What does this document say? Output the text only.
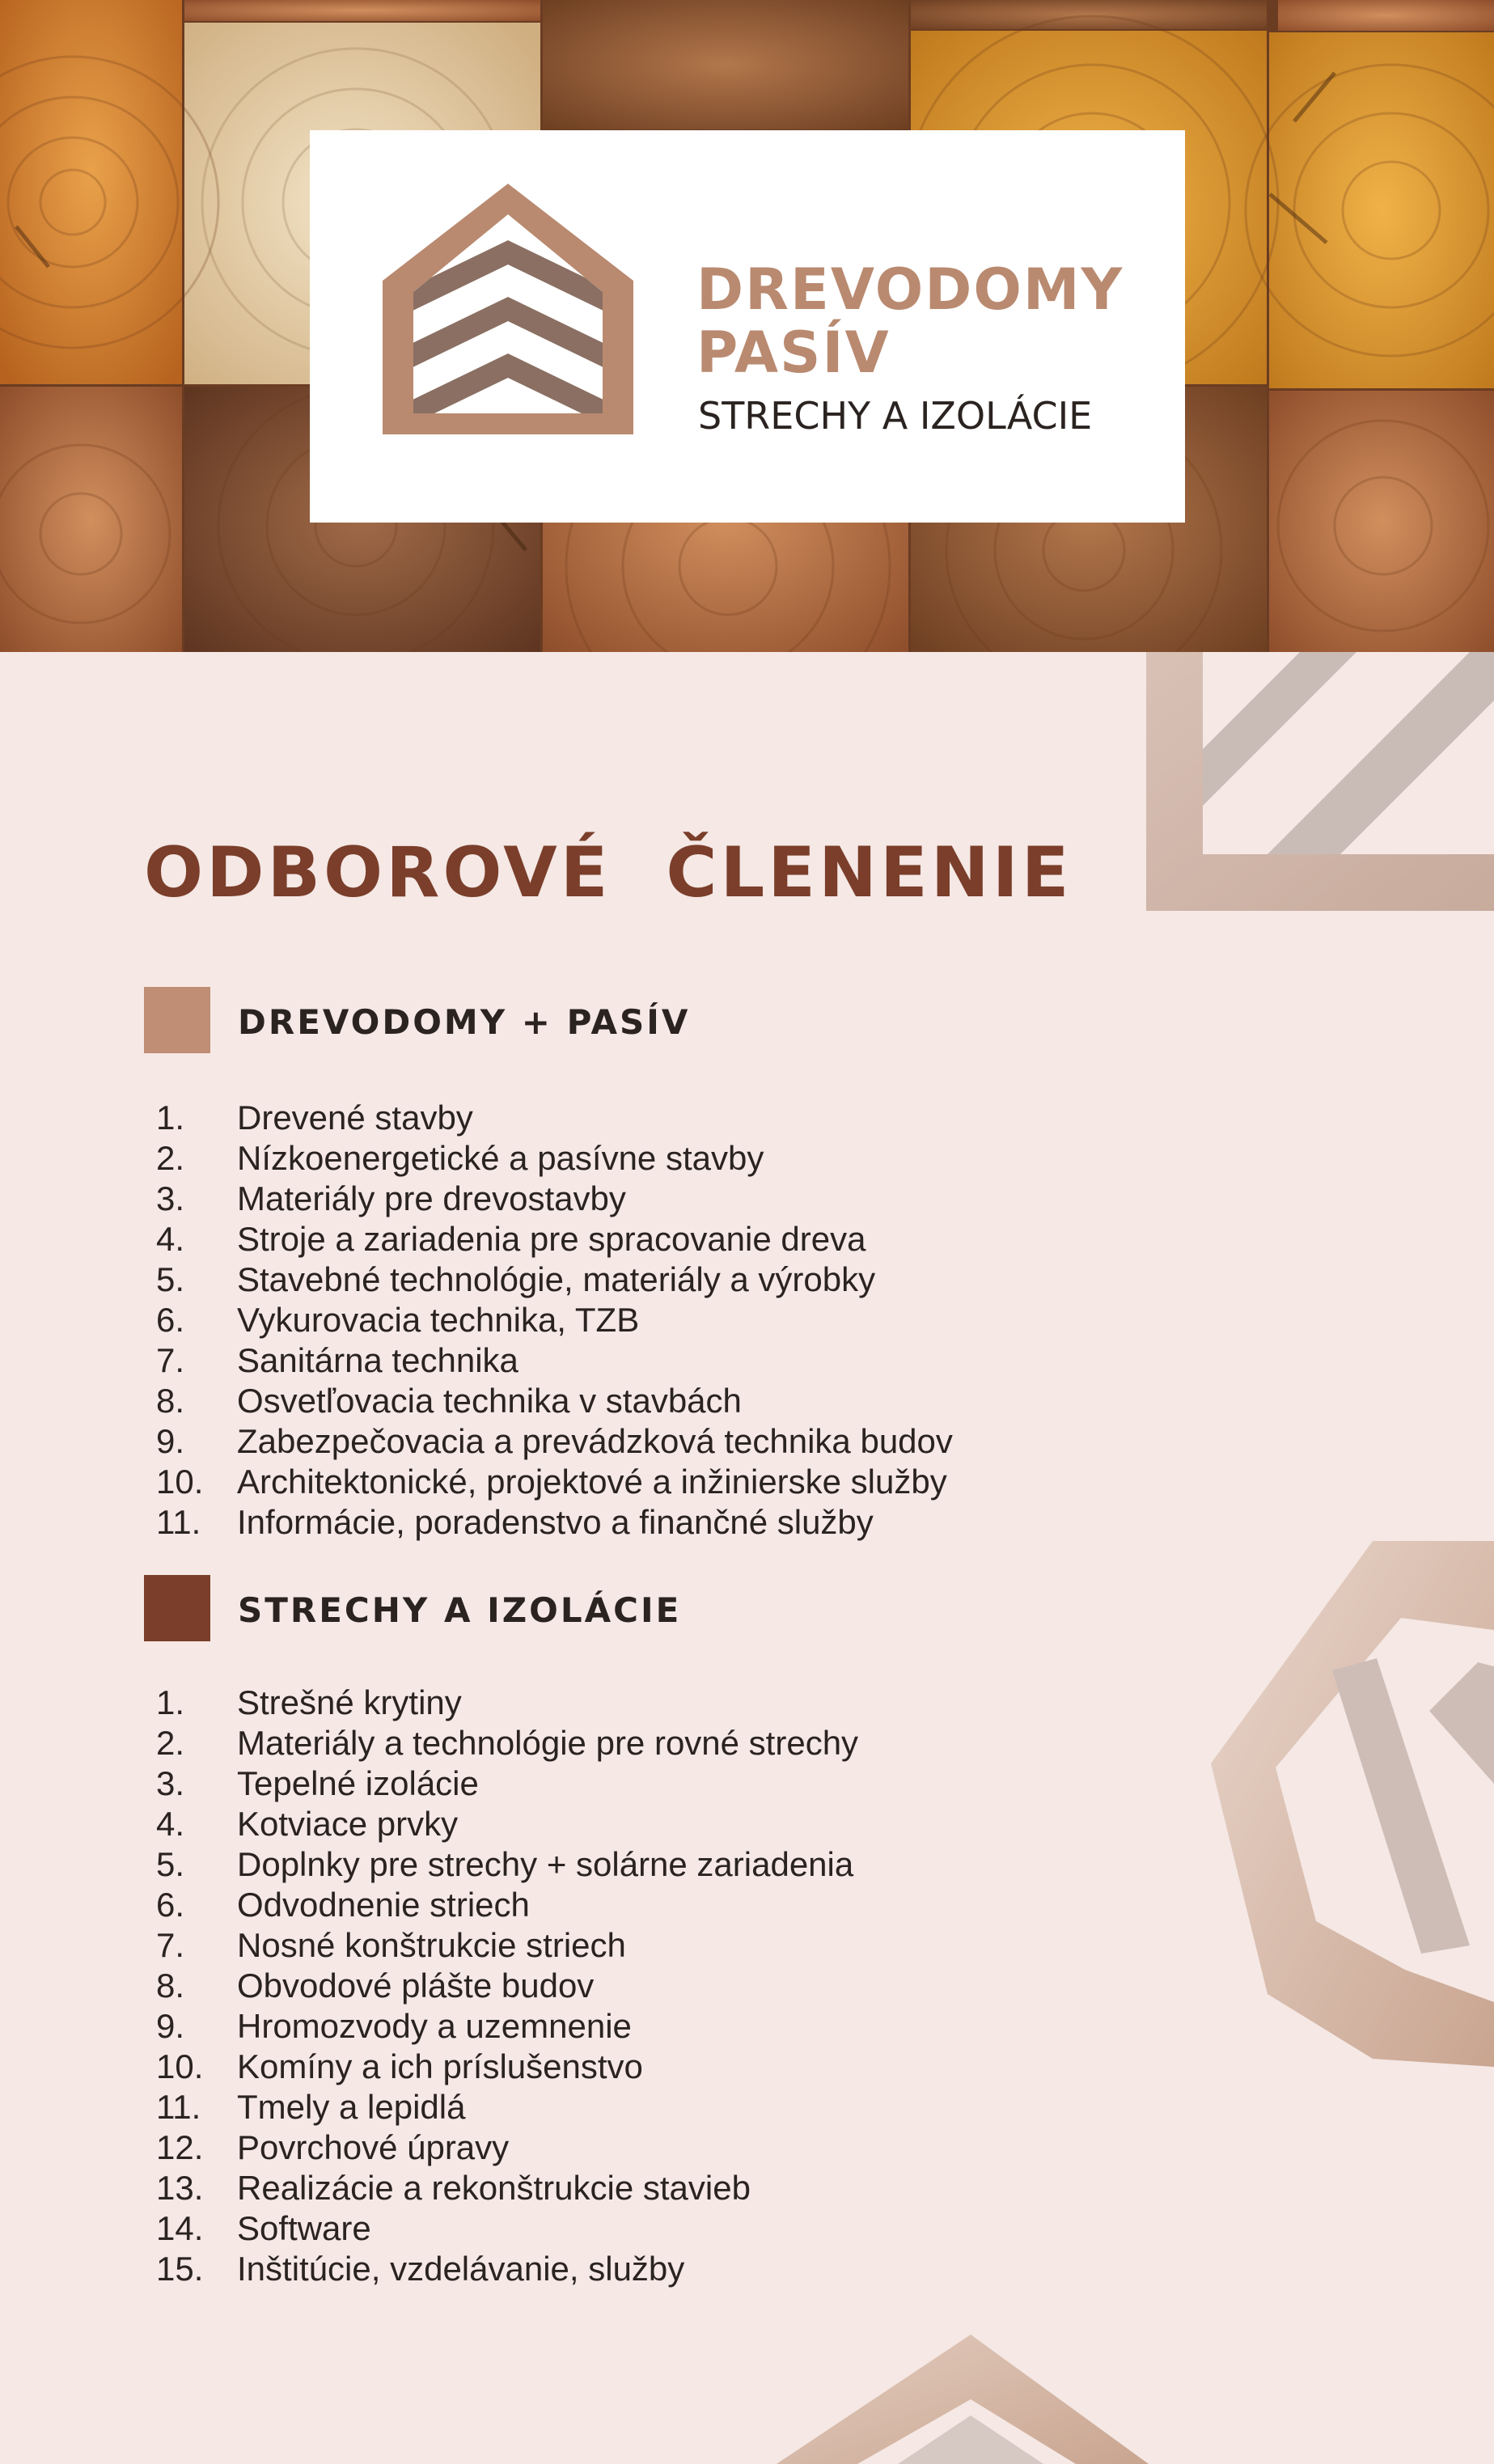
DREVODOMY
PASÍV
STRECHY A IZOLÁCIE
ODBOROVÉ  ČLENENIE
DREVODOMY + PASÍV
1.	Drevené stavby
2.	Nízkoenergetické a pasívne stavby
3.	Materiály pre drevostavby
4.	Stroje a zariadenia pre spracovanie dreva
5.	Stavebné technológie, materiály a výrobky
6.	Vykurovacia technika, TZB
7.	Sanitárna technika
8.	Osvetľovacia technika v stavbách
9.	Zabezpečovacia a prevádzková technika budov
10. Architektonické, projektové a inžinierske služby
11.	Informácie, poradenstvo a finančné služby
STRECHY A IZOLÁCIE
1.	Strešné krytiny
2.	Materiály a technológie pre rovné strechy
3.	Tepelné izolácie
4.	Kotviace prvky
5.	Doplnky pre strechy + solárne zariadenia
6.	Odvodnenie striech
7.	Nosné konštrukcie striech
8.	Obvodové plášte budov
9.	Hromozvody a uzemnenie
10. Komíny a ich príslušenstvo
11.	Tmely a lepidlá
12. Povrchové úpravy
13. Realizácie a rekonštrukcie stavieb
14. Software
15. Inštitúcie, vzdelávanie, služby
